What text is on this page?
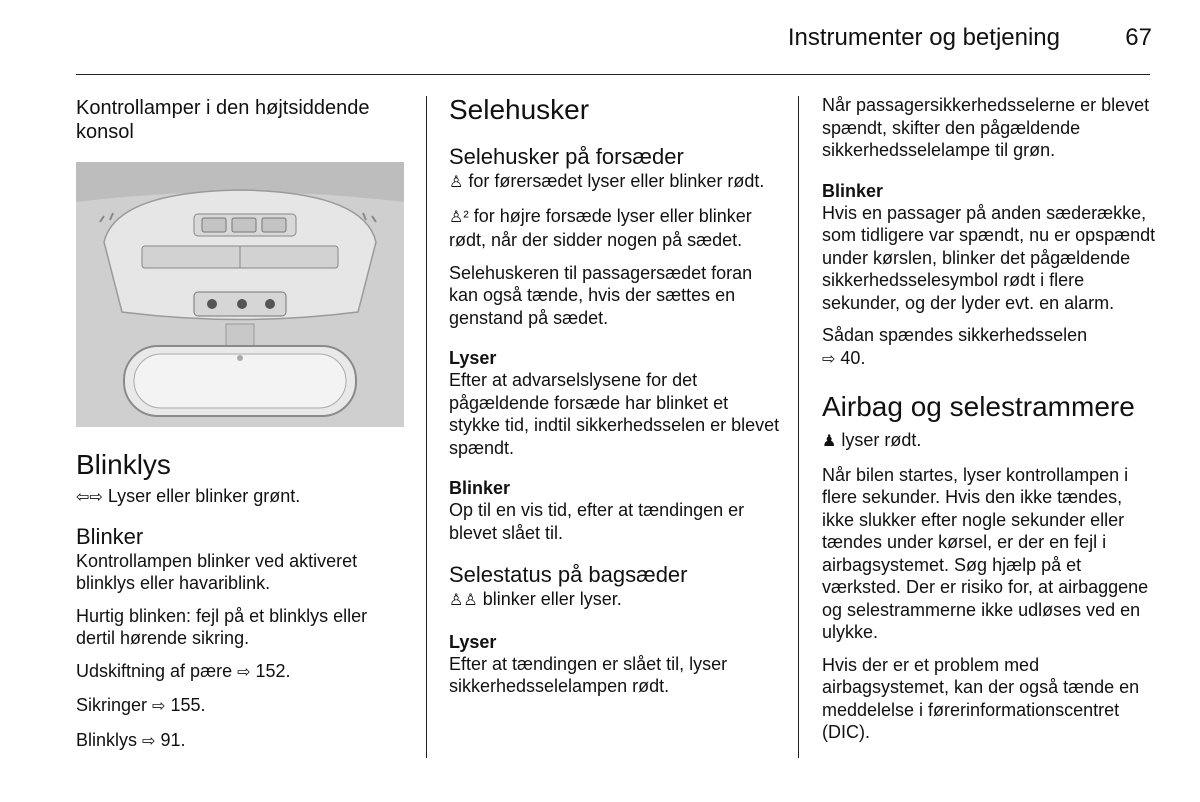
Instrumenter og betjening	67
Kontrollamper i den højtsiddende konsol
Blinklys

⇦⇨ Lyser eller blinker grønt.

Blinker

Kontrollampen blinker ved aktiveret blinklys eller havariblink.

Hurtig blinken: fejl på et blinklys eller dertil hørende sikring.

Udskiftning af pære ⇨ 152.

Sikringer ⇨ 155.

Blinklys ⇨ 91.

Selehusker
Selehusker på forsæder

♙ for førersædet lyser eller blinker rødt.

♙² for højre forsæde lyser eller blinker rødt, når der sidder nogen på sædet.

Selehuskeren til passagersædet foran kan også tænde, hvis der sættes en genstand på sædet.

Lyser

Efter at advarselslysene for det pågældende forsæde har blinket et stykke tid, indtil sikkerhedsselen er blevet spændt.

Blinker

Op til en vis tid, efter at tændingen er blevet slået til.

Selestatus på bagsæder

♙♙ blinker eller lyser.

Lyser

Efter at tændingen er slået til, lyser sikkerhedsselelampen rødt.

Når passagersikkerhedsselerne er blevet spændt, skifter den pågældende sikkerhedsselelampe til grøn.

Blinker

Hvis en passager på anden sæderække, som tidligere var spændt, nu er opspændt under kørslen, blinker det pågældende sikkerhedsselesymbol rødt i flere sekunder, og der lyder evt. en alarm.

Sådan spændes sikkerhedsselen
⇨ 40.

Airbag og selestrammere

♟ lyser rødt.

Når bilen startes, lyser kontrollampen i flere sekunder. Hvis den ikke tændes, ikke slukker efter nogle sekunder eller tændes under kørsel, er der en fejl i airbagsystemet. Søg hjælp på et værksted. Der er risiko for, at airbaggene og selestrammerne ikke udløses ved en ulykke.

Hvis der er et problem med airbagsystemet, kan der også tænde en meddelelse i førerinformationscentret (DIC).
